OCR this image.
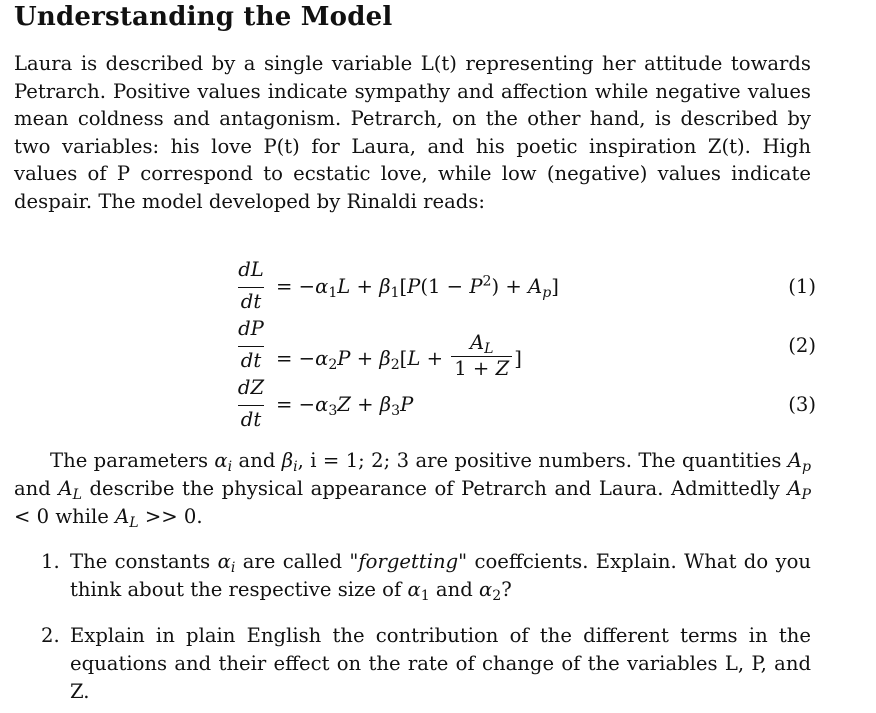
Understanding the Model

Laura is described by a single variable L(t) representing her attitude towards Petrarch. Positive values indicate sympathy and affection while negative values mean coldness and antagonism. Petrarch, on the other hand, is described by two variables: his love P(t) for Laura, and his poetic inspiration Z(t). High values of P correspond to ecstatic love, while low (negative) values indicate despair. The model developed by Rinaldi reads:

dL
dt
= $-\alpha_1L + \beta_1[P(1 - P^2) + A_p]$	(1)
dP
dt = $-\alpha_2P + \beta_2[L + \frac{A_L}{1 + Z}$ ]
(2)
dZ
dt
= $-\alpha_3Z + \beta_3P$	(3)

The parameters $\alpha_i$ and $\beta_i$, i = 1; 2; 3 are positive numbers. The quantities $A_p$ and $A_L$ describe the physical appearance of Petrarch and Laura. Admittedly $A_P < 0$ while $A_L >> 0$.

1. The constants $\alpha_i$ are called "forgetting" coeffcients. Explain. What do you think about the respective size of $\alpha_1$ and $\alpha_2$?
2. Explain in plain English the contribution of the different terms in the equations and their effect on the rate of change of the variables L, P, and Z.
